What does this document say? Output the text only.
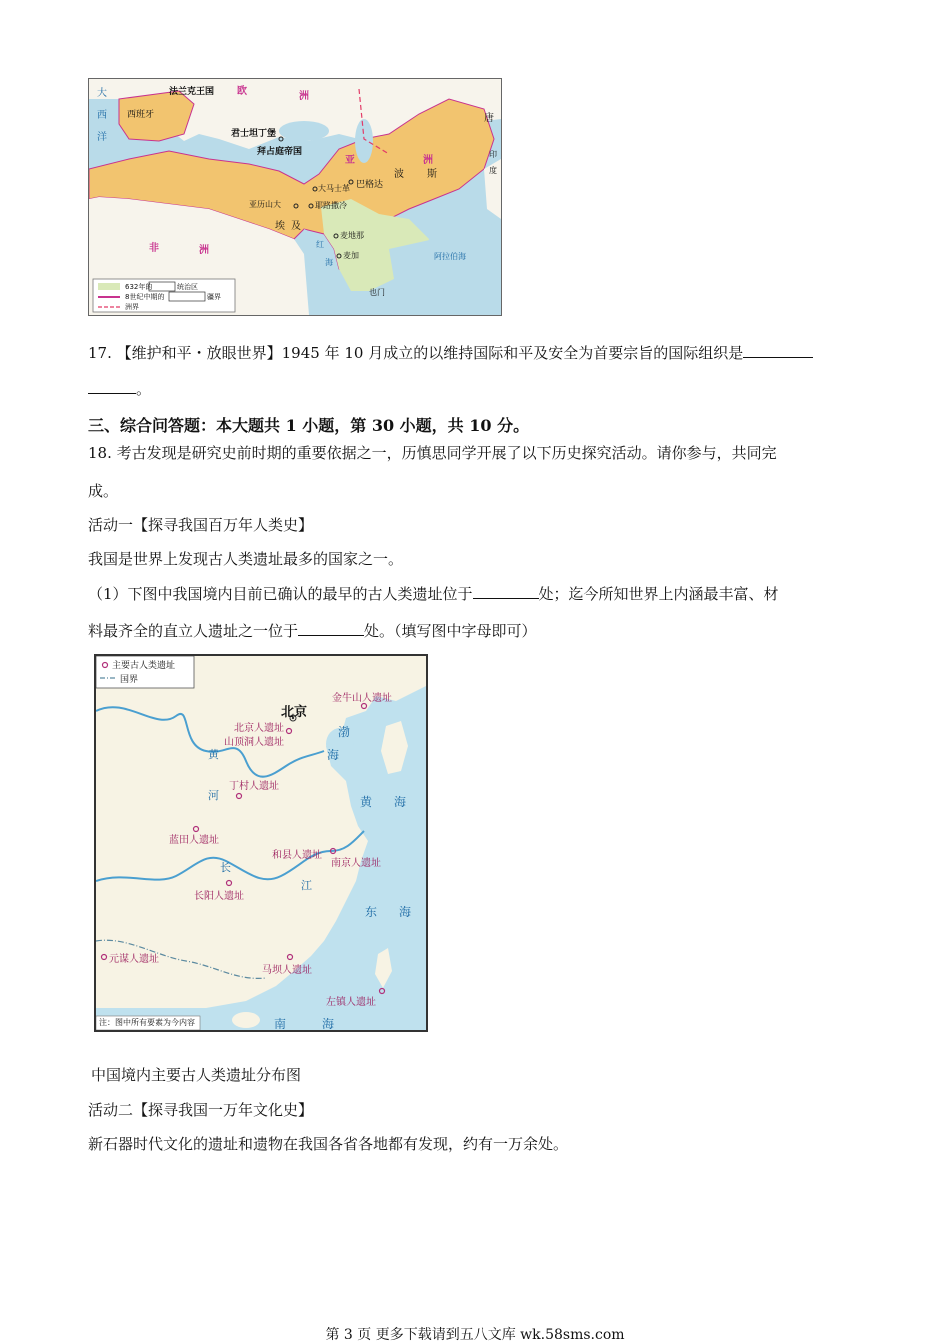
法兰克王国 欧	洲
大
西
洋
唐
西班牙
君士坦丁堡
拜占庭帝国
亚	洲
波 斯
巴格达
大马士革
亚历山大	耶路撒冷
埃 及
非	洲
麦地那
麦加	阿拉伯海
也门
印
度
红
海
632年的	统治区
8世纪中期的	疆界
洲界
17. 【维护和平・放眼世界】1945 年 10 月成立的以维持国际和平及安全为首要宗旨的国际组织是
。
三、综合问答题：本大题共 1 小题，第 30 小题，共 10 分。
18. 考古发现是研究史前时期的重要依据之一，历慎思同学开展了以下历史探究活动。请你参与，共同完
成。
活动一【探寻我国百万年人类史】
我国是世界上发现古人类遗址最多的国家之一。
（1）下图中我国境内目前已确认的最早的古人类遗址位于	处；迄今所知世界上内涵最丰富、材
料最齐全的直立人遗址之一位于	处。（填写图中字母即可）
主要古人类遗址
国界
北京
金牛山人遗址
北京人遗址
山顶洞人遗址
丁村人遗址
蓝田人遗址
和县人遗址
南京人遗址
长阳人遗址
元谋人遗址
马坝人遗址
左镇人遗址
渤
海
黄 海
东 海
南	海
黄
河
长
江
注：图中所有要素为今内容
中国境内主要古人类遗址分布图
活动二【探寻我国一万年文化史】
新石器时代文化的遗址和遗物在我国各省各地都有发现，约有一万余处。
第 3 页 更多下载请到五八文库 wk.58sms.com
